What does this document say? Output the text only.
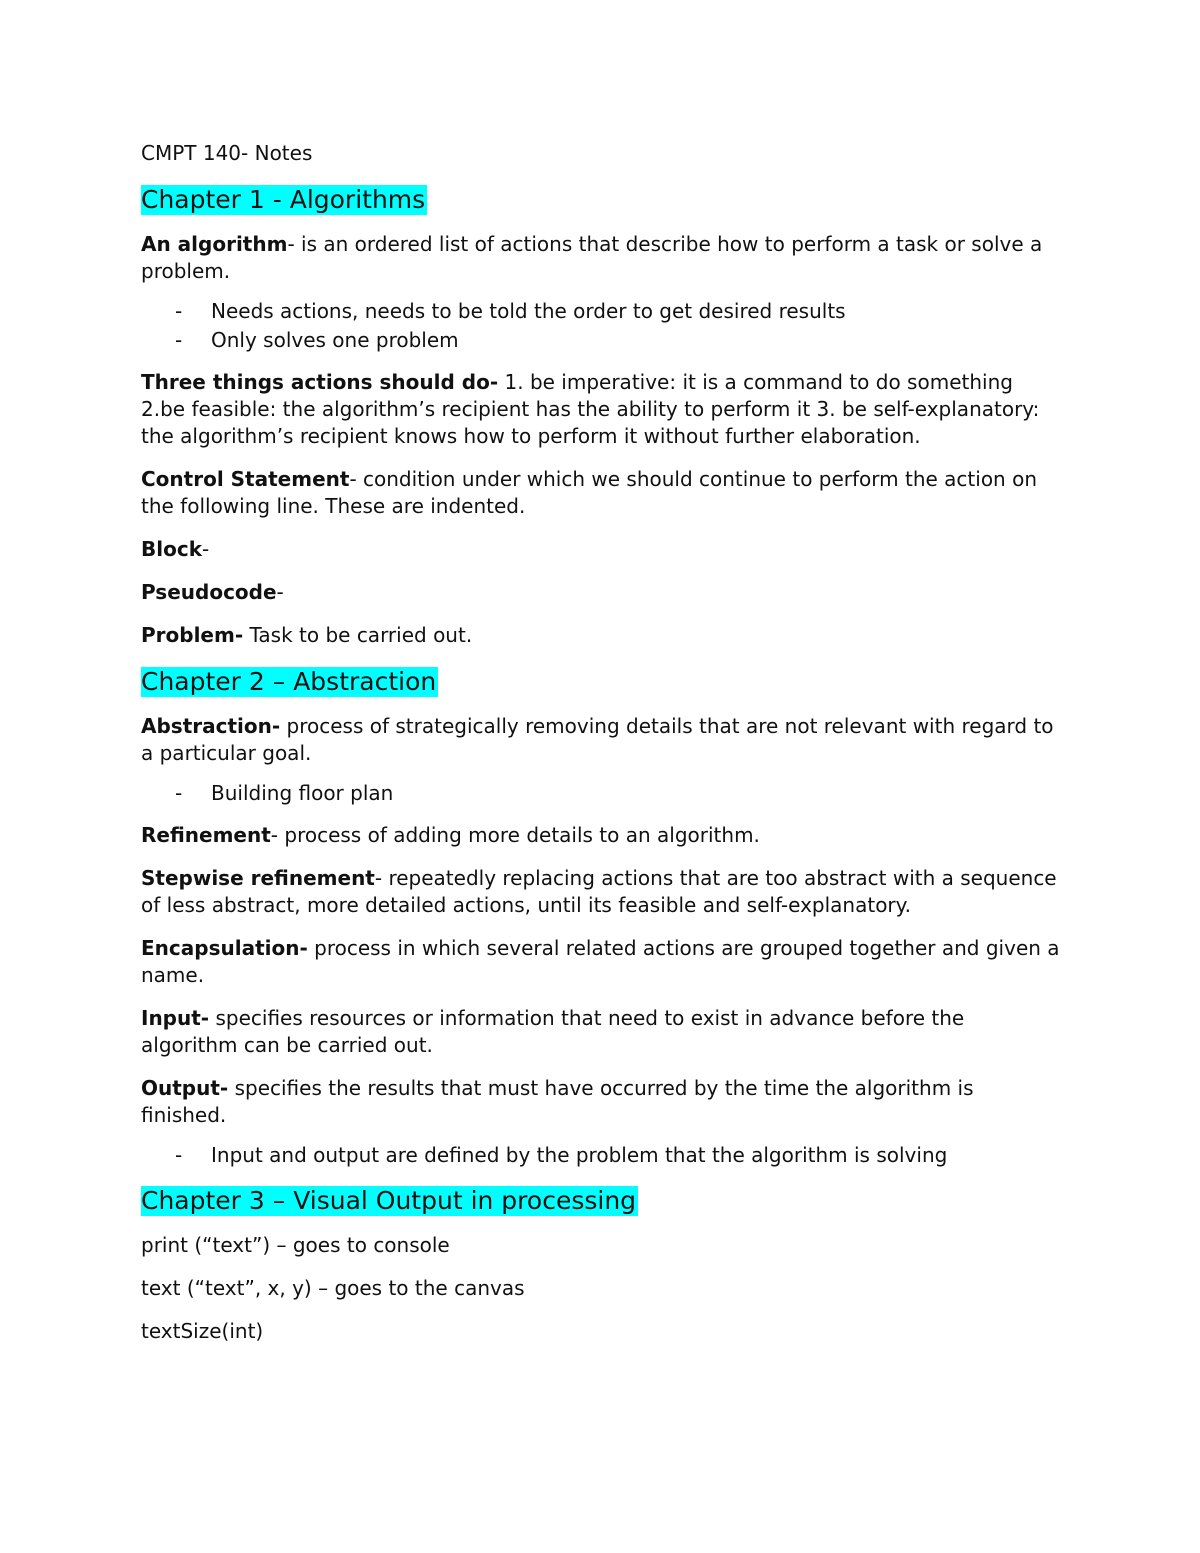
CMPT 140- Notes

Chapter 1 - Algorithms

An algorithm- is an ordered list of actions that describe how to perform a task or solve a problem.

- Needs actions, needs to be told the order to get desired results
- Only solves one problem

Three things actions should do- 1. be imperative: it is a command to do something 2.be feasible: the algorithm’s recipient has the ability to perform it 3. be self-explanatory: the algorithm’s recipient knows how to perform it without further elaboration.

Control Statement- condition under which we should continue to perform the action on the following line. These are indented.

Block-

Pseudocode-

Problem- Task to be carried out.

Chapter 2 – Abstraction

Abstraction- process of strategically removing details that are not relevant with regard to a particular goal.

- Building floor plan

Refinement- process of adding more details to an algorithm.

Stepwise refinement- repeatedly replacing actions that are too abstract with a sequence of less abstract, more detailed actions, until its feasible and self-explanatory.

Encapsulation- process in which several related actions are grouped together and given a name.

Input- specifies resources or information that need to exist in advance before the algorithm can be carried out.

Output- specifies the results that must have occurred by the time the algorithm is finished.

- Input and output are defined by the problem that the algorithm is solving
Chapter 3 – Visual Output in processing

print (“text”) – goes to console

text (“text”, x, y) – goes to the canvas

textSize(int)
